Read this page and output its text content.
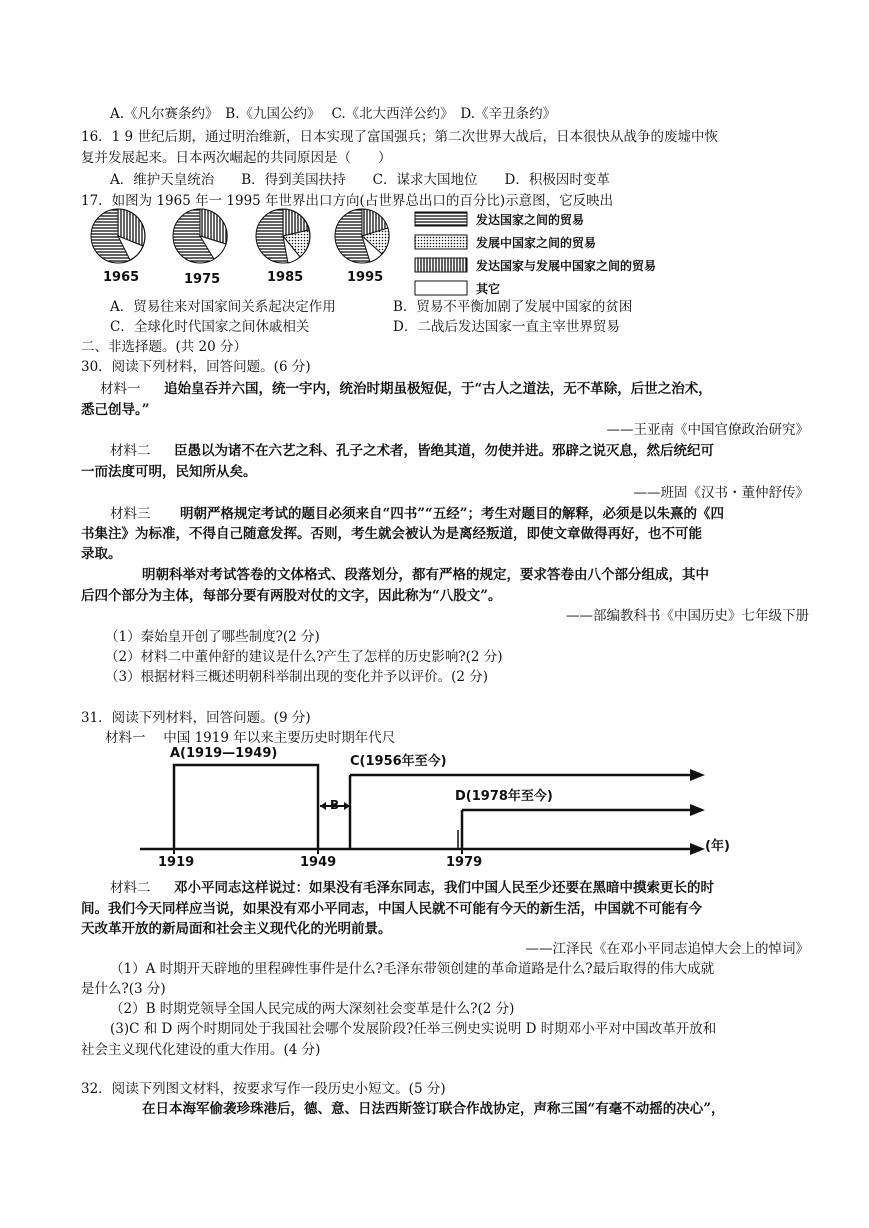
A.《凡尔赛条约》　B.《九国公约》　 C.《北大西洋公约》　D.《辛丑条约》
16．1 9 世纪后期，通过明治维新，日本实现了富国强兵；第二次世界大战后，日本很快从战争的废墟中恢
复并发展起来。日本两次崛起的共同原因是（　　）
A．维护天皇统治　　B．得到美国扶持　　C．谋求大国地位　　D．积极因时变革
17．如图为 1965 年一 1995 年世界出口方向(占世界总出口的百分比)示意图，它反映出
1965	1975	1985	1995
发达国家之间的贸易
发展中国家之间的贸易
发达国家与发展中国家之间的贸易
其它
A．贸易往来对国家间关系起决定作用	B．贸易不平衡加剧了发展中国家的贫困
C．全球化时代国家之间休戚相关	D．二战后发达国家一直主宰世界贸易
二、非选择题。(共 20 分）
30．阅读下列材料，回答问题。(6 分)
材料一 追始皇吞并六国，统一宇内，统治时期虽极短促，于“古人之道法，无不革除，后世之治术，
悉己创导。”
——王亚南《中国官僚政治研究》
材料二 臣愚以为诸不在六艺之科、孔子之术者，皆绝其道，勿使并进。邪辟之说灭息，然后统纪可
一而法度可明，民知所从矣。
——班固《汉书・董仲舒传》
材料三 明朝严格规定考试的题目必须来自“四书”“五经”；考生对题目的解释，必须是以朱熹的《四
书集注》为标准，不得自己随意发挥。否则，考生就会被认为是离经叛道，即使文章做得再好，也不可能
录取。
明朝科举对考试答卷的文体格式、段落划分，都有严格的规定，要求答卷由八个部分组成，其中
后四个部分为主体，每部分要有两股对仗的文字，因此称为“八股文”。
——部编教科书《中国历史》七年级下册
（1）秦始皇开创了哪些制度?(2 分)
（2）材料二中董仲舒的建议是什么?产生了怎样的历史影响?(2 分)
（3）根据材料三概述明朝科举制出现的变化并予以评价。(2 分)
31．阅读下列材料，回答问题。(9 分)
材料一　 中国 1919 年以来主要历史时期年代尺
A(1919—1949)
B
C(1956年至今)
D(1978年至今)
(年)
1919	1949	1979
材料二 邓小平同志这样说过：如果没有毛泽东同志，我们中国人民至少还要在黑暗中摸索更长的时
间。我们今天同样应当说，如果没有邓小平同志，中国人民就不可能有今天的新生活，中国就不可能有今
天改革开放的新局面和社会主义现代化的光明前景。
——江泽民《在邓小平同志追悼大会上的悼词》
（1）A 时期开天辟地的里程碑性事件是什么?毛泽东带领创建的革命道路是什么?最后取得的伟大成就
是什么?(3 分)
（2）B 时期党领导全国人民完成的两大深刻社会变革是什么?(2 分)
(3)C 和 D 两个时期同处于我国社会哪个发展阶段?任举三例史实说明 D 时期邓小平对中国改革开放和
社会主义现代化建设的重大作用。(4 分)
32．阅读下列图文材料，按要求写作一段历史小短文。(5 分)
在日本海军偷袭珍珠港后，德、意、日法西斯签订联合作战协定，声称三国“有毫不动摇的决心”，
